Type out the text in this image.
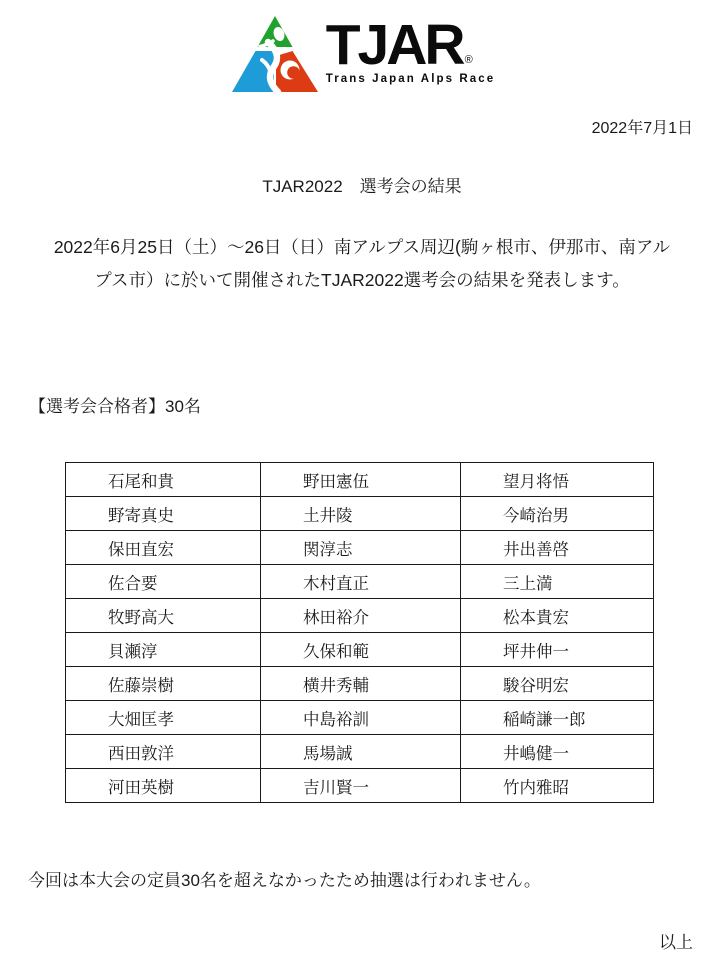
TJAR ®
Trans Japan Alps Race
2022年7月1日
TJAR2022　選考会の結果
2022年6月25日（土）～26日（日）南アルプス周辺(駒ヶ根市、伊那市、南アル
プス市）に於いて開催されたTJAR2022選考会の結果を発表します。
【選考会合格者】30名
石尾和貴	野田憲伍	望月将悟
野寄真史	土井陵	今崎治男
保田直宏	関淳志	井出善啓
佐合要	木村直正	三上満
牧野高大	林田裕介	松本貴宏
貝瀬淳	久保和範	坪井伸一
佐藤崇樹	横井秀輔	駿谷明宏
大畑匡孝	中島裕訓	稲崎謙一郎
西田敦洋	馬場誠	井嶋健一
河田英樹	吉川賢一	竹内雅昭
今回は本大会の定員30名を超えなかったため抽選は行われません。
以上
